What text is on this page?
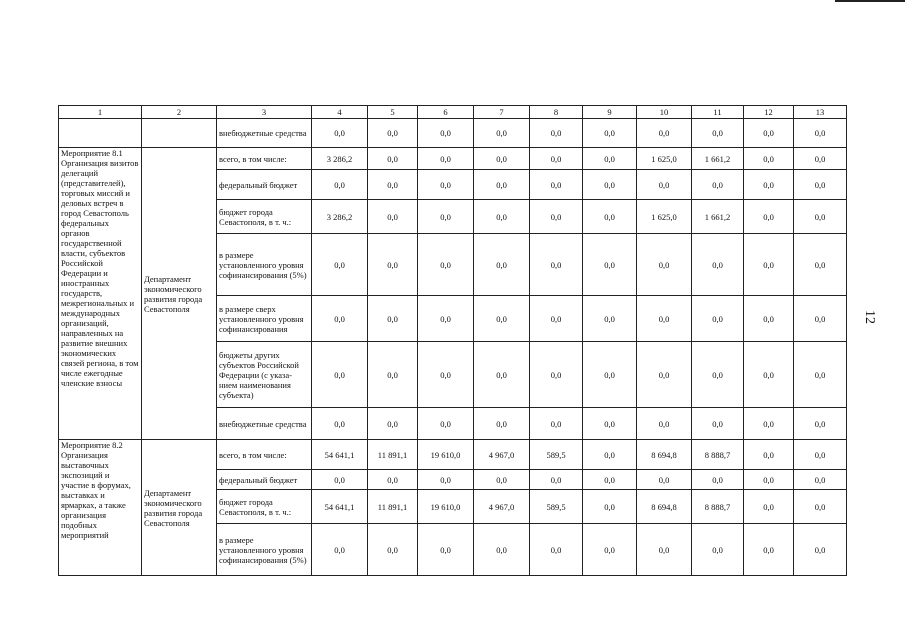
12
1	2	3	4	5	6	7	8	9	10	11	12	13
		внебюджетные средства	0,0	0,0	0,0	0,0	0,0	0,0	0,0	0,0	0,0	0,0
Мероприятие 8.1 Организация визитов делегаций (представителей), торговых миссий и деловых встреч в город Севастополь федеральных органов государственной власти, субъектов Российской Федерации и иностранных государств, межрегиональных и международных организаций, направленных на развитие внешних экономических связей региона, в том числе ежегодные членские взносы	Департамент экономического развития города Севастополя	всего, в том числе:	3 286,2	0,0	0,0	0,0	0,0	0,0	1 625,0	1 661,2	0,0	0,0
		федеральный бюджет	0,0	0,0	0,0	0,0	0,0	0,0	0,0	0,0	0,0	0,0
		бюджет города Севастополя, в т. ч.:	3 286,2	0,0	0,0	0,0	0,0	0,0	1 625,0	1 661,2	0,0	0,0
		в размере установленного уровня софинансирования (5%)	0,0	0,0	0,0	0,0	0,0	0,0	0,0	0,0	0,0	0,0
		в размере сверх установленного уровня софинансирования	0,0	0,0	0,0	0,0	0,0	0,0	0,0	0,0	0,0	0,0
		бюджеты других субъектов Российской Федерации (с указа-нием наименования субъекта)	0,0	0,0	0,0	0,0	0,0	0,0	0,0	0,0	0,0	0,0
		внебюджетные средства	0,0	0,0	0,0	0,0	0,0	0,0	0,0	0,0	0,0	0,0
Мероприятие 8.2 Организация выставочных экспозиций и участие в форумах, выставках и ярмарках, а также организация подобных мероприятий	Департамент экономического развития города Севастополя	всего, в том числе:	54 641,1	11 891,1	19 610,0	4 967,0	589,5	0,0	8 694,8	8 888,7	0,0	0,0
		федеральный бюджет	0,0	0,0	0,0	0,0	0,0	0,0	0,0	0,0	0,0	0,0
		бюджет города Севастополя, в т. ч.:	54 641,1	11 891,1	19 610,0	4 967,0	589,5	0,0	8 694,8	8 888,7	0,0	0,0
		в размере установленного уровня софинансирования (5%)	0,0	0,0	0,0	0,0	0,0	0,0	0,0	0,0	0,0	0,0
